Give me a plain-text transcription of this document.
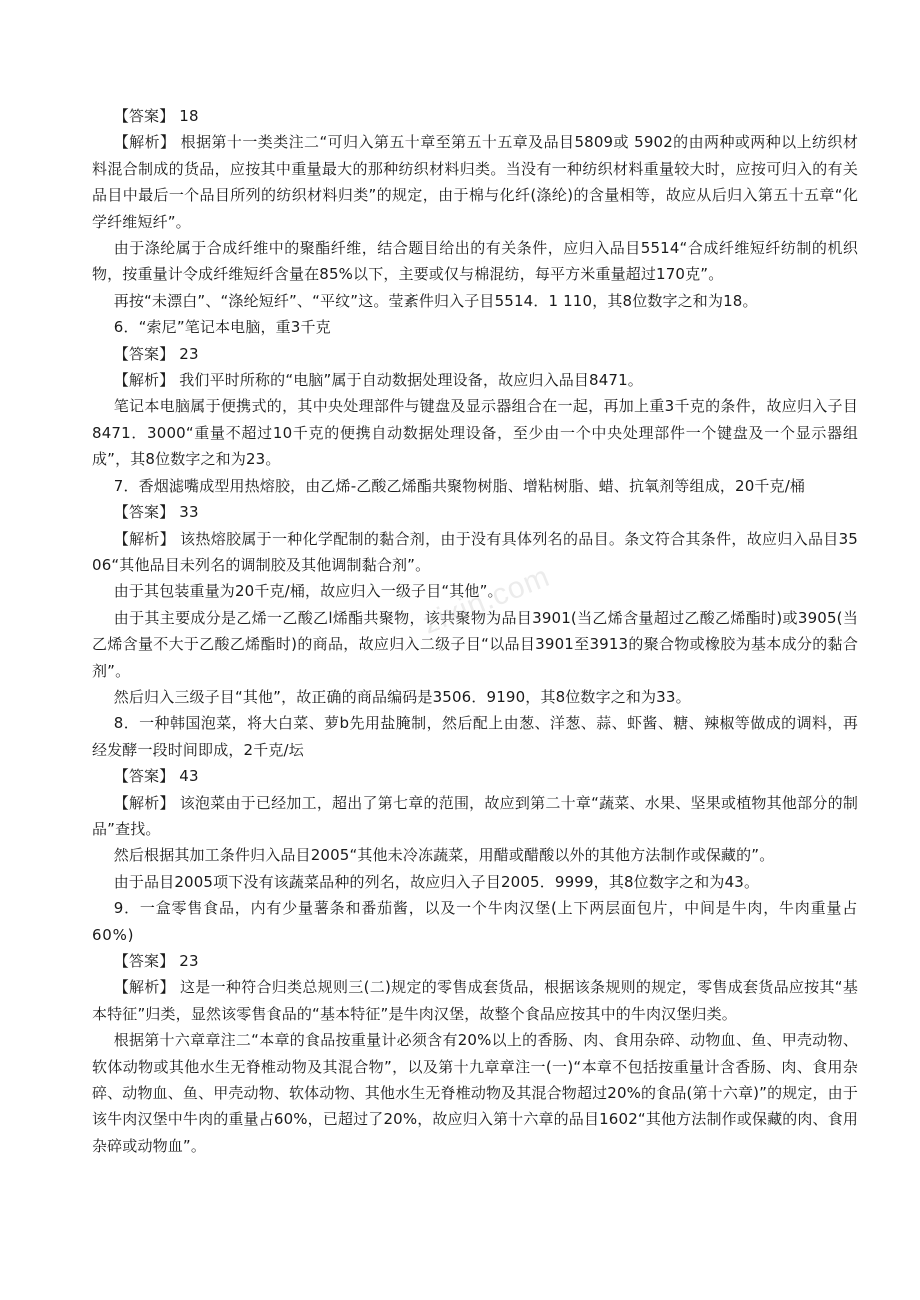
【答案】 18

【解析】 根据第十一类类注二“可归入第五十章至第五十五章及品目5809或 5902的由两种或两种以上纺织材料混合制成的货品，应按其中重量最大的那种纺织材料归类。当没有一种纺织材料重量较大时，应按可归入的有关品目中最后一个品目所列的纺织材料归类”的规定，由于棉与化纤(涤纶)的含量相等，故应从后归入第五十五章“化学纤维短纤”。

由于涤纶属于合成纤维中的聚酯纤维，结合题目给出的有关条件，应归入品目5514“合成纤维短纤纺制的机织物，按重量计令成纤维短纤含量在85%以下，主要或仅与棉混纺，每平方米重量超过170克”。

再按“未漂白”、“涤纶短纤”、“平纹”这。莹紊件归入子目5514．1 110，其8位数字之和为18。

6．“索尼”笔记本电脑，重3千克

【答案】 23

【解析】 我们平时所称的“电脑”属于自动数据处理设备，故应归入品目8471。

笔记本电脑属于便携式的，其中央处理部件与键盘及显示器组合在一起，再加上重3千克的条件，故应归入子目8471．3000“重量不超过10千克的便携自动数据处理设备，至少由一个中央处理部件一个键盘及一个显示器组成”，其8位数字之和为23。

7．香烟滤嘴成型用热熔胶，由乙烯-乙酸乙烯酯共聚物树脂、增粘树脂、蜡、抗氧剂等组成，20千克/桶

【答案】 33

【解析】 该热熔胶属于一种化学配制的黏合剂，由于没有具体列名的品目。条文符合其条件，故应归入品目3506“其他品目未列名的调制胶及其他调制黏合剂”。

由于其包装重量为20千克/桶，故应归入一级子目“其他”。

由于其主要成分是乙烯一乙酸乙l烯酯共聚物，该共聚物为品目3901(当乙烯含量超过乙酸乙烯酯时)或3905(当乙烯含量不大于乙酸乙烯酯时)的商品，故应归入二级子目“以品目3901至3913的聚合物或橡胶为基本成分的黏合剂”。

然后归入三级子目“其他”，故正确的商品编码是3506．9190，其8位数字之和为33。

8．一种韩国泡菜，将大白菜、萝b先用盐腌制，然后配上由葱、洋葱、蒜、虾酱、糖、辣椒等做成的调料，再经发酵一段时间即成，2千克/坛

【答案】 43

【解析】 该泡菜由于已经加工，超出了第七章的范围，故应到第二十章“蔬菜、水果、坚果或植物其他部分的制品”查找。

然后根据其加工条件归入品目2005“其他未冷冻蔬菜，用醋或醋酸以外的其他方法制作或保藏的”。

由于品目2005项下没有该蔬菜品种的列名，故应归入子目2005．9999，其8位数字之和为43。

9．一盒零售食品，内有少量薯条和番茄酱，以及一个牛肉汉堡(上下两层面包片，中间是牛肉，牛肉重量占60%)

【答案】 23

【解析】 这是一种符合归类总规则三(二)规定的零售成套货品，根据该条规则的规定，零售成套货品应按其“基本特征”归类，显然该零售食品的“基本特征”是牛肉汉堡，故整个食品应按其中的牛肉汉堡归类。

根据第十六章章注二“本章的食品按重量计必须含有20%以上的香肠、肉、食用杂碎、动物血、鱼、甲壳动物、软体动物或其他水生无脊椎动物及其混合物”，以及第十九章章注一(一)“本章不包括按重量计含香肠、肉、食用杂碎、动物血、鱼、甲壳动物、软体动物、其他水生无脊椎动物及其混合物超过20%的食品(第十六章)”的规定，由于该牛肉汉堡中牛肉的重量占60%，已超过了20%，故应归入第十六章的品目1602“其他方法制作或保藏的肉、食用杂碎或动物血”。

zixin.com
